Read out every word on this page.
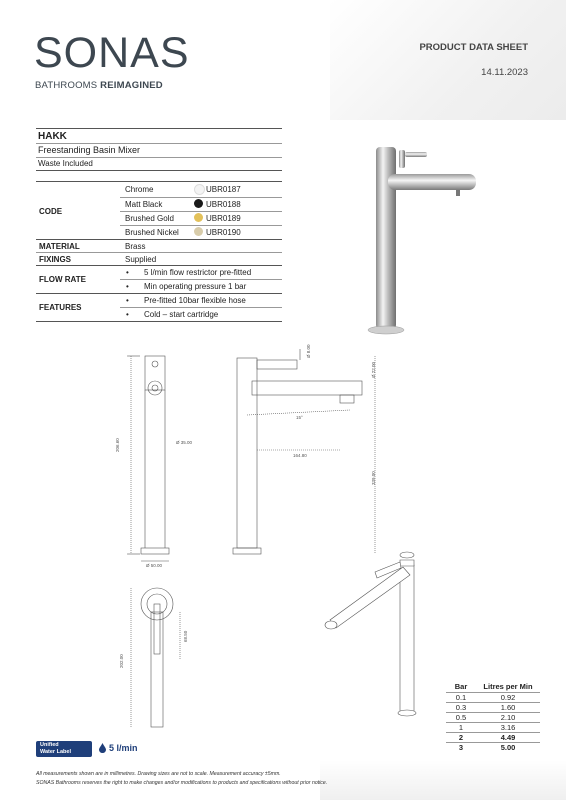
SONAS
BATHROOMS REIMAGINED
PRODUCT DATA SHEET
14.11.2023
HAKK
Freestanding Basin Mixer
Waste Included
CODE
Chrome	UBR0187
Matt Black	UBR0188
Brushed Gold	UBR0189
Brushed Nickel	UBR0190
MATERIAL	Brass
FIXINGS	Supplied
FLOW RATE
• 5 l/min flow restrictor pre-fitted
• Min operating pressure 1 bar
FEATURES
• Pre-fitted 10bar flexible hose
• Cold – start cartridge
Ø 35.00
206.60
Ø 50.00
Ø 8.00
15°
164.80
339.00
Ø 22.00
68.50
202.00
Bar	Litres per Min
0.1	0.92
0.3	1.60
0.5	2.10
1	3.16
2	4.49
3	5.00
Unified
Water Label	5 l/min
All measurements shown are in millimetres. Drawing sizes are not to scale. Measurement accuracy ±5mm.
SONAS Bathrooms reserves the right to make changes and/or modifications to products and specifications without prior notice.
